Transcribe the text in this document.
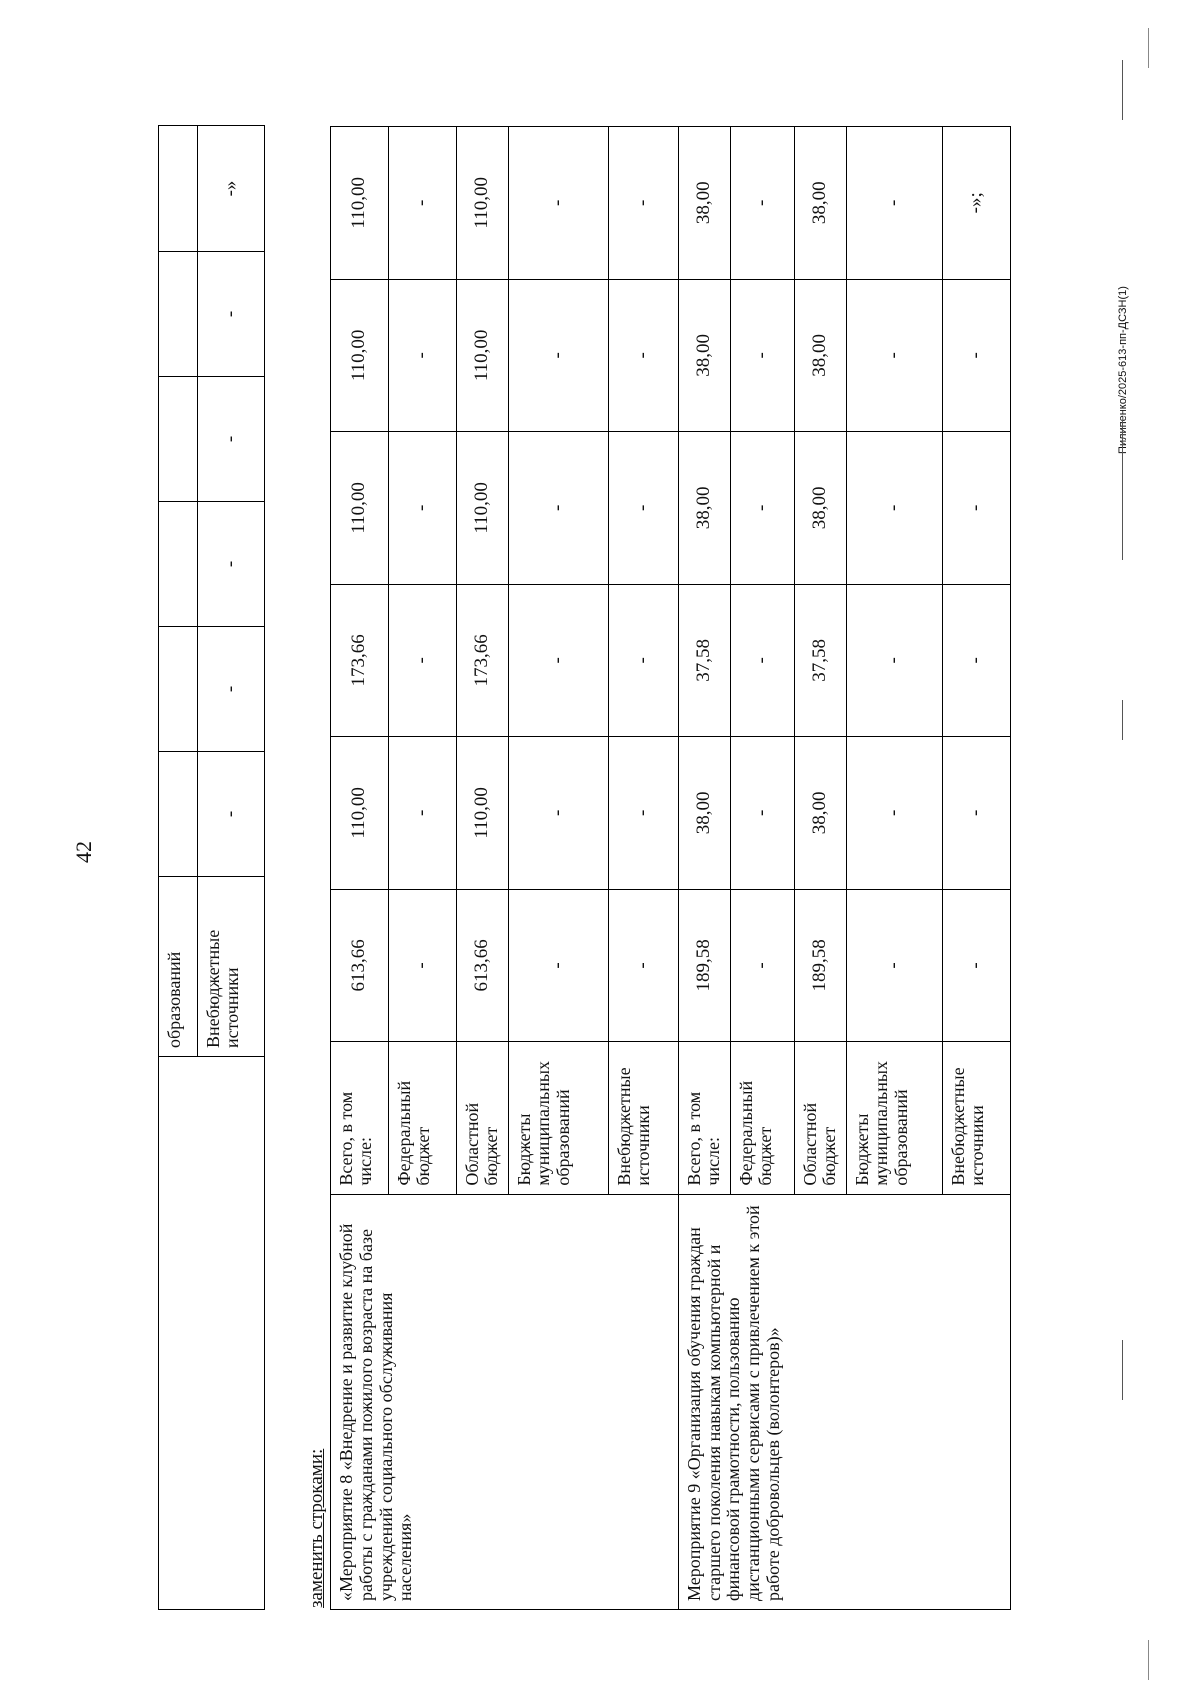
42
Пилипенко/2025-613-пп-ДСЗН(1)
	образований						
	Внебюджетные источники	-	-	-	-	-	-»
заменить строками: «Мероприятие 8 «Внедрение и развитие клубной работы с гражданами пожилого возраста на базе учреждений социального обслуживания населения»	Всего, в том числе:	613,66	110,00	173,66	110,00	110,00	110,00
	Федеральный бюджет	-	-	-	-	-	-
	Областной бюджет	613,66	110,00	173,66	110,00	110,00	110,00
	Бюджеты муниципальных образований	-	-	-	-	-	-
	Внебюджетные источники	-	-	-	-	-	-
Мероприятие 9 «Организация обучения граждан старшего поколения навыкам компьютерной и финансовой грамотности, пользованию дистанционными сервисами с привлечением к этой работе добровольцев (волонтеров)»	Всего, в том числе:	189,58	38,00	37,58	38,00	38,00	38,00
	Федеральный бюджет	-	-	-	-	-	-
	Областной бюджет	189,58	38,00	37,58	38,00	38,00	38,00
	Бюджеты муниципальных образований	-	-	-	-	-	-
	Внебюджетные источники	-	-	-	-	-	-»;
